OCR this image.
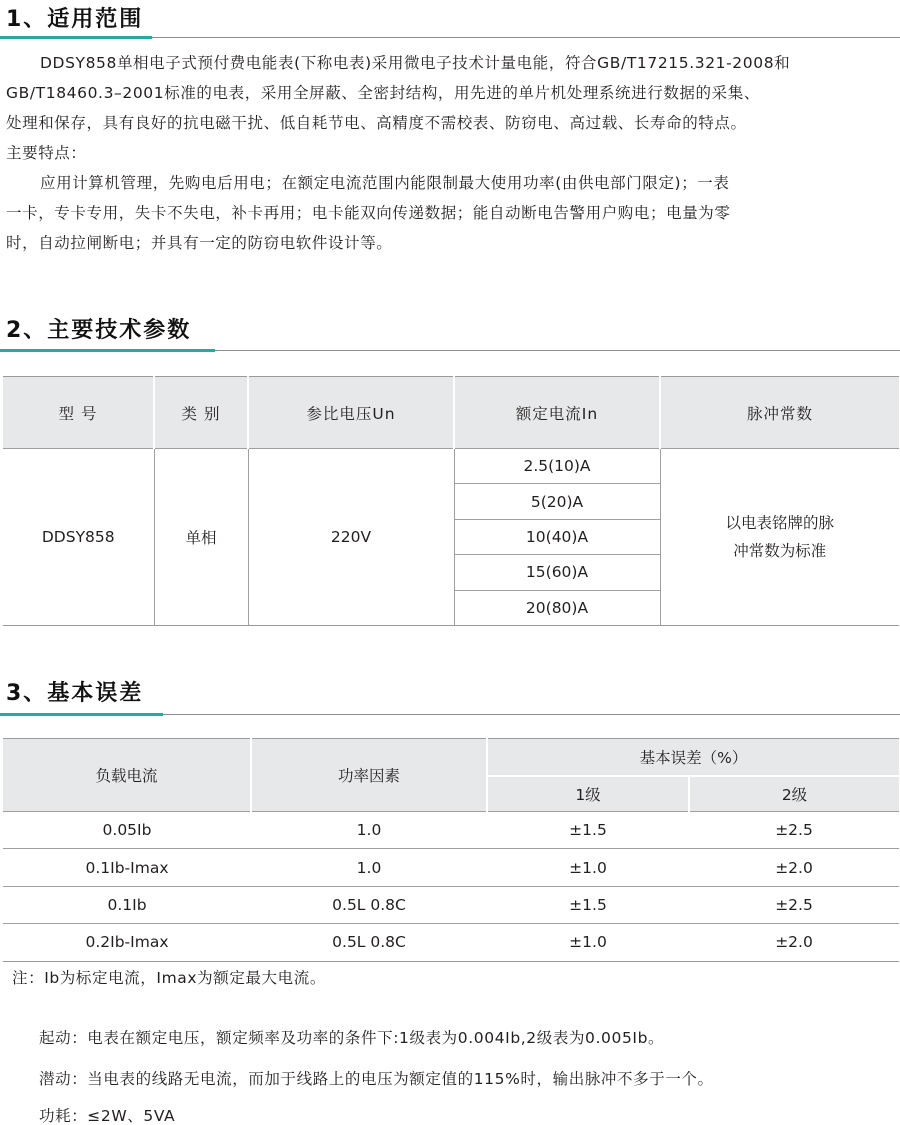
1、适用范围

DDSY858单相电子式预付费电能表(下称电表)采用微电子技术计量电能，符合GB/T17215.321-2008和

GB/T18460.3–2001标准的电表，采用全屏蔽、全密封结构，用先进的单片机处理系统进行数据的采集、

处理和保存，具有良好的抗电磁干扰、低自耗节电、高精度不需校表、防窃电、高过载、长寿命的特点。

主要特点：

应用计算机管理，先购电后用电；在额定电流范围内能限制最大使用功率(由供电部门限定)；一表

一卡，专卡专用，失卡不失电，补卡再用；电卡能双向传递数据；能自动断电告警用户购电；电量为零

时，自动拉闸断电；并具有一定的防窃电软件设计等。

2、主要技术参数
型 号	类 别	参比电压Un	额定电流In	脉冲常数
DDSY858	单相	220V	2.5(10)A	以电表铭牌的脉
冲常数为标准

			5(20)A	
			10(40)A	
			15(60)A	
			20(80)A	
3、基本误差
负载电流	功率因素	基本误差（%）	
		1级	2级
0.05Ib	1.0	±1.5	±2.5
0.1Ib-Imax	1.0	±1.0	±2.0
0.1Ib	0.5L 0.8C	±1.5	±2.5
0.2Ib-Imax	0.5L 0.8C	±1.0	±2.0
注：Ib为标定电流，Imax为额定最大电流。
起动：电表在额定电压，额定频率及功率的条件下:1级表为0.004Ib,2级表为0.005Ib。
潜动：当电表的线路无电流，而加于线路上的电压为额定值的115%时，输出脉冲不多于一个。
功耗：≤2W、5VA
